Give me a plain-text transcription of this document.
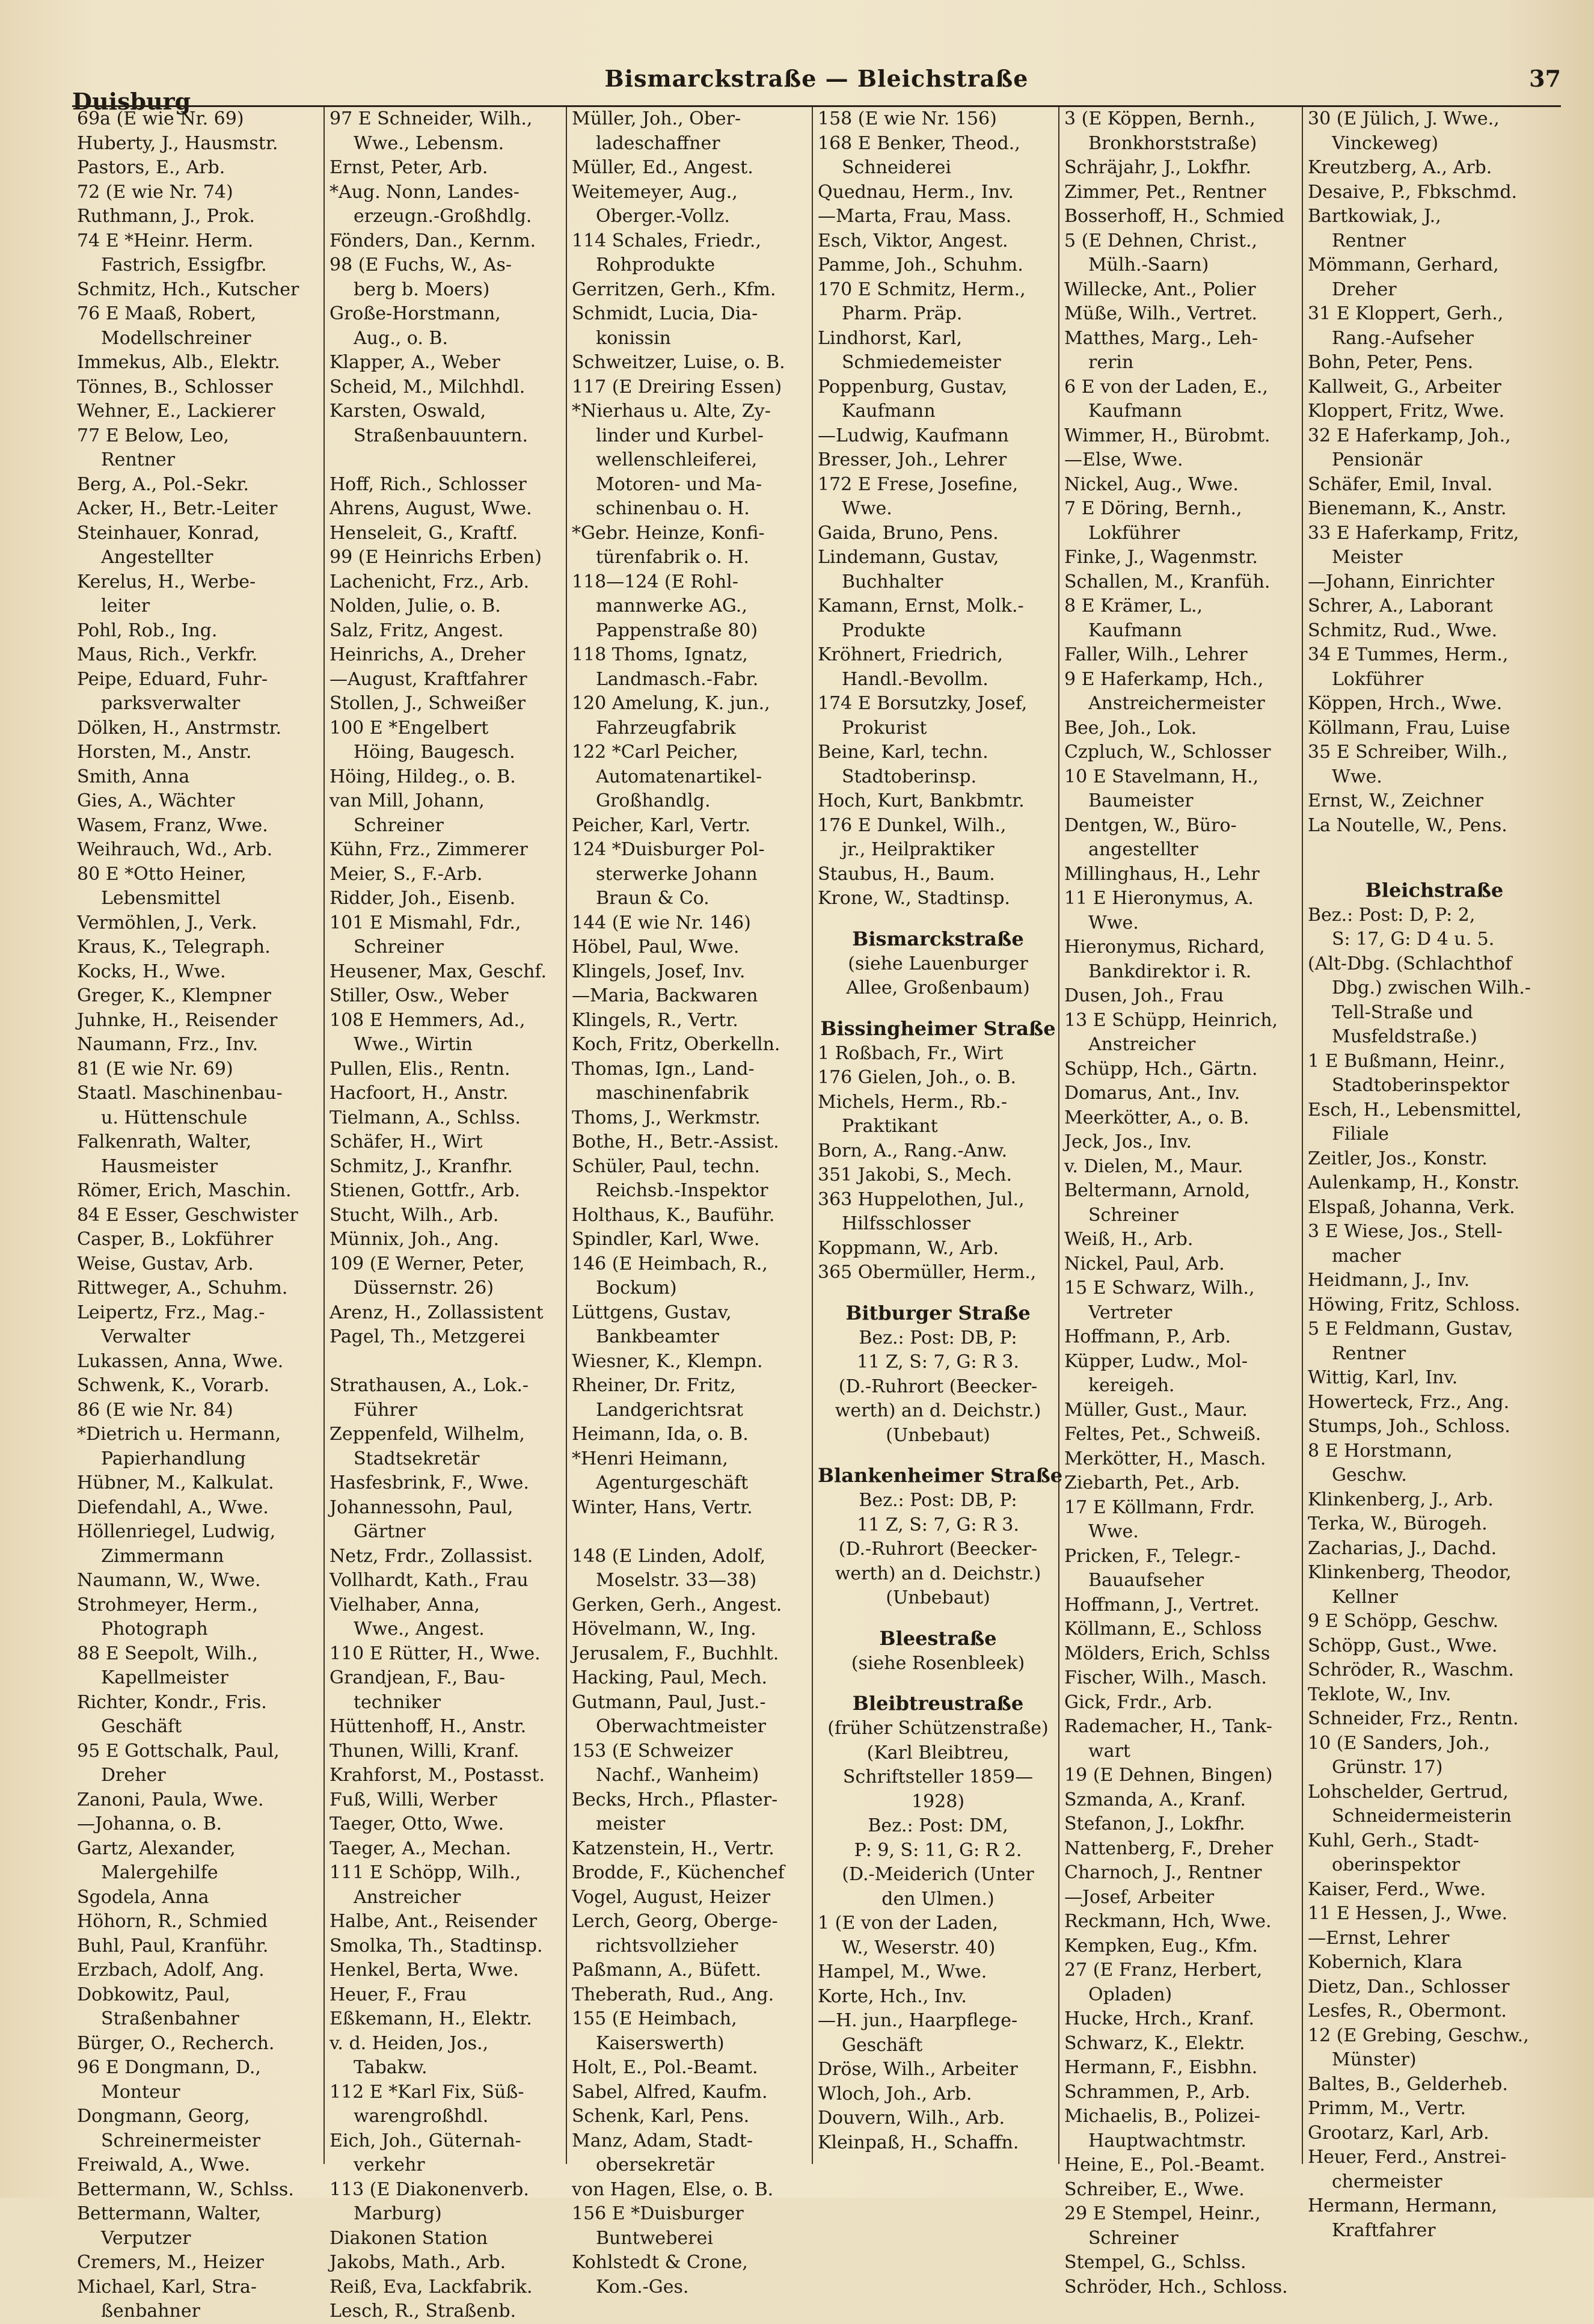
Duisburg
Bismarckstraße — Bleichstraße	37
69a (E wie Nr. 69)
Huberty, J., Hausmstr.
Pastors, E., Arb.
72 (E wie Nr. 74)
Ruthmann, J., Prok.
74 E *Heinr. Herm.
Fastrich, Essigfbr.
Schmitz, Hch., Kutscher
76 E Maaß, Robert,
Modellschreiner
Immekus, Alb., Elektr.
Tönnes, B., Schlosser
Wehner, E., Lackierer
77 E Below, Leo,
Rentner
Berg, A., Pol.-Sekr.
Acker, H., Betr.-Leiter
Steinhauer, Konrad,
Angestellter
Kerelus, H., Werbe-
leiter
Pohl, Rob., Ing.
Maus, Rich., Verkfr.
Peipe, Eduard, Fuhr-
parksverwalter
Dölken, H., Anstrmstr.
Horsten, M., Anstr.
Smith, Anna
Gies, A., Wächter
Wasem, Franz, Wwe.
Weihrauch, Wd., Arb.
80 E *Otto Heiner,
Lebensmittel
Vermöhlen, J., Verk.
Kraus, K., Telegraph.
Kocks, H., Wwe.
Greger, K., Klempner
Juhnke, H., Reisender
Naumann, Frz., Inv.
81 (E wie Nr. 69)
Staatl. Maschinenbau-
u. Hüttenschule
Falkenrath, Walter,
Hausmeister
Römer, Erich, Maschin.
84 E Esser, Geschwister
Casper, B., Lokführer
Weise, Gustav, Arb.
Rittweger, A., Schuhm.
Leipertz, Frz., Mag.-
Verwalter
Lukassen, Anna, Wwe.
Schwenk, K., Vorarb.
86 (E wie Nr. 84)
*Dietrich u. Hermann,
Papierhandlung
Hübner, M., Kalkulat.
Diefendahl, A., Wwe.
Höllenriegel, Ludwig,
Zimmermann
Naumann, W., Wwe.
Strohmeyer, Herm.,
Photograph
88 E Seepolt, Wilh.,
Kapellmeister
Richter, Kondr., Fris.
Geschäft
95 E Gottschalk, Paul,
Dreher
Zanoni, Paula, Wwe.
—Johanna, o. B.
Gartz, Alexander,
Malergehilfe
Sgodela, Anna
Höhorn, R., Schmied
Buhl, Paul, Kranführ.
Erzbach, Adolf, Ang.
Dobkowitz, Paul,
Straßenbahner
Bürger, O., Recherch.
96 E Dongmann, D.,
Monteur
Dongmann, Georg,
Schreinermeister
Freiwald, A., Wwe.
Bettermann, W., Schlss.
Bettermann, Walter,
Verputzer
Cremers, M., Heizer
Michael, Karl, Stra-
ßenbahner
97 E Schneider, Wilh.,
Wwe., Lebensm.
Ernst, Peter, Arb.
*Aug. Nonn, Landes-
erzeugn.-Großhdlg.
Fönders, Dan., Kernm.
98 (E Fuchs, W., As-
berg b. Moers)
Große-Horstmann,
Aug., o. B.
Klapper, A., Weber
Scheid, M., Milchhdl.
Karsten, Oswald,
Straßenbauuntern.

Hoff, Rich., Schlosser
Ahrens, August, Wwe.
Henseleit, G., Kraftf.
99 (E Heinrichs Erben)
Lachenicht, Frz., Arb.
Nolden, Julie, o. B.
Salz, Fritz, Angest.
Heinrichs, A., Dreher
—August, Kraftfahrer
Stollen, J., Schweißer
100 E *Engelbert
Höing, Baugesch.
Höing, Hildeg., o. B.
van Mill, Johann,
Schreiner
Kühn, Frz., Zimmerer
Meier, S., F.-Arb.
Ridder, Joh., Eisenb.
101 E Mismahl, Fdr.,
Schreiner
Heusener, Max, Geschf.
Stiller, Osw., Weber
108 E Hemmers, Ad.,
Wwe., Wirtin
Pullen, Elis., Rentn.
Hacfoort, H., Anstr.
Tielmann, A., Schlss.
Schäfer, H., Wirt
Schmitz, J., Kranfhr.
Stienen, Gottfr., Arb.
Stucht, Wilh., Arb.
Münnix, Joh., Ang.
109 (E Werner, Peter,
Düssernstr. 26)
Arenz, H., Zollassistent
Pagel, Th., Metzgerei

Strathausen, A., Lok.-
Führer
Zeppenfeld, Wilhelm,
Stadtsekretär
Hasfesbrink, F., Wwe.
Johannessohn, Paul,
Gärtner
Netz, Frdr., Zollassist.
Vollhardt, Kath., Frau
Vielhaber, Anna,
Wwe., Angest.
110 E Rütter, H., Wwe.
Grandjean, F., Bau-
techniker
Hüttenhoff, H., Anstr.
Thunen, Willi, Kranf.
Krahforst, M., Postasst.
Fuß, Willi, Werber
Taeger, Otto, Wwe.
Taeger, A., Mechan.
111 E Schöpp, Wilh.,
Anstreicher
Halbe, Ant., Reisender
Smolka, Th., Stadtinsp.
Henkel, Berta, Wwe.
Heuer, F., Frau
Eßkemann, H., Elektr.
v. d. Heiden, Jos.,
Tabakw.
112 E *Karl Fix, Süß-
warengroßhdl.
Eich, Joh., Güternah-
verkehr
113 (E Diakonenverb.
Marburg)
Diakonen Station
Jakobs, Math., Arb.
Reiß, Eva, Lackfabrik.
Lesch, R., Straßenb.
Müller, Joh., Ober-
ladeschaffner
Müller, Ed., Angest.
Weitemeyer, Aug.,
Oberger.-Vollz.
114 Schales, Friedr.,
Rohprodukte
Gerritzen, Gerh., Kfm.
Schmidt, Lucia, Dia-
konissin
Schweitzer, Luise, o. B.
117 (E Dreiring Essen)
*Nierhaus u. Alte, Zy-
linder und Kurbel-
wellenschleiferei,
Motoren- und Ma-
schinenbau o. H.
*Gebr. Heinze, Konfi-
türenfabrik o. H.
118—124 (E Rohl-
mannwerke AG.,
Pappenstraße 80)
118 Thoms, Ignatz,
Landmasch.-Fabr.
120 Amelung, K. jun.,
Fahrzeugfabrik
122 *Carl Peicher,
Automatenartikel-
Großhandlg.
Peicher, Karl, Vertr.
124 *Duisburger Pol-
sterwerke Johann
Braun & Co.
144 (E wie Nr. 146)
Höbel, Paul, Wwe.
Klingels, Josef, Inv.
—Maria, Backwaren
Klingels, R., Vertr.
Koch, Fritz, Oberkelln.
Thomas, Ign., Land-
maschinenfabrik
Thoms, J., Werkmstr.
Bothe, H., Betr.-Assist.
Schüler, Paul, techn.
Reichsb.-Inspektor
Holthaus, K., Bauführ.
Spindler, Karl, Wwe.
146 (E Heimbach, R.,
Bockum)
Lüttgens, Gustav,
Bankbeamter
Wiesner, K., Klempn.
Rheiner, Dr. Fritz,
Landgerichtsrat
Heimann, Ida, o. B.
*Henri Heimann,
Agenturgeschäft
Winter, Hans, Vertr.

148 (E Linden, Adolf,
Moselstr. 33—38)
Gerken, Gerh., Angest.
Hövelmann, W., Ing.
Jerusalem, F., Buchhlt.
Hacking, Paul, Mech.
Gutmann, Paul, Just.-
Oberwachtmeister
153 (E Schweizer
Nachf., Wanheim)
Becks, Hrch., Pflaster-
meister
Katzenstein, H., Vertr.
Brodde, F., Küchenchef
Vogel, August, Heizer
Lerch, Georg, Oberge-
richtsvollzieher
Paßmann, A., Büfett.
Theberath, Rud., Ang.
155 (E Heimbach,
Kaiserswerth)
Holt, E., Pol.-Beamt.
Sabel, Alfred, Kaufm.
Schenk, Karl, Pens.
Manz, Adam, Stadt-
obersekretär
von Hagen, Else, o. B.
156 E *Duisburger
Buntweberei
Kohlstedt & Crone,
Kom.-Ges.
158 (E wie Nr. 156)
168 E Benker, Theod.,
Schneiderei
Quednau, Herm., Inv.
—Marta, Frau, Mass.
Esch, Viktor, Angest.
Pamme, Joh., Schuhm.
170 E Schmitz, Herm.,
Pharm. Präp.
Lindhorst, Karl,
Schmiedemeister
Poppenburg, Gustav,
Kaufmann
—Ludwig, Kaufmann
Bresser, Joh., Lehrer
172 E Frese, Josefine,
Wwe.
Gaida, Bruno, Pens.
Lindemann, Gustav,
Buchhalter
Kamann, Ernst, Molk.-
Produkte
Kröhnert, Friedrich,
Handl.-Bevollm.
174 E Borsutzky, Josef,
Prokurist
Beine, Karl, techn.
Stadtoberinsp.
Hoch, Kurt, Bankbmtr.
176 E Dunkel, Wilh.,
jr., Heilpraktiker
Staubus, H., Baum.
Krone, W., Stadtinsp.
Bismarckstraße
(siehe Lauenburger
Allee, Großenbaum)
Bissingheimer Straße
1 Roßbach, Fr., Wirt
176 Gielen, Joh., o. B.
Michels, Herm., Rb.-
Praktikant
Born, A., Rang.-Anw.
351 Jakobi, S., Mech.
363 Huppelothen, Jul.,
Hilfsschlosser
Koppmann, W., Arb.
365 Obermüller, Herm.,
Bitburger Straße
Bez.: Post: DB, P:
11 Z, S: 7, G: R 3.
(D.-Ruhrort (Beecker-
werth) an d. Deichstr.)
(Unbebaut)
Blankenheimer Straße
Bez.: Post: DB, P:
11 Z, S: 7, G: R 3.
(D.-Ruhrort (Beecker-
werth) an d. Deichstr.)
(Unbebaut)
Bleestraße
(siehe Rosenbleek)
Bleibtreustraße
(früher Schützenstraße)
(Karl Bleibtreu,
Schriftsteller 1859—
1928)
Bez.: Post: DM,
P: 9, S: 11, G: R 2.
(D.-Meiderich (Unter
den Ulmen.)
1 (E von der Laden,
W., Weserstr. 40)
Hampel, M., Wwe.
Korte, Hch., Inv.
—H. jun., Haarpflege-
Geschäft
Dröse, Wilh., Arbeiter
Wloch, Joh., Arb.
Douvern, Wilh., Arb.
Kleinpaß, H., Schaffn.
3 (E Köppen, Bernh.,
Bronkhorststraße)
Schräjahr, J., Lokfhr.
Zimmer, Pet., Rentner
Bosserhoff, H., Schmied
5 (E Dehnen, Christ.,
Mülh.-Saarn)
Willecke, Ant., Polier
Müße, Wilh., Vertret.
Matthes, Marg., Leh-
rerin
6 E von der Laden, E.,
Kaufmann
Wimmer, H., Bürobmt.
—Else, Wwe.
Nickel, Aug., Wwe.
7 E Döring, Bernh.,
Lokführer
Finke, J., Wagenmstr.
Schallen, M., Kranfüh.
8 E Krämer, L.,
Kaufmann
Faller, Wilh., Lehrer
9 E Haferkamp, Hch.,
Anstreichermeister
Bee, Joh., Lok.
Czpluch, W., Schlosser
10 E Stavelmann, H.,
Baumeister
Dentgen, W., Büro-
angestellter
Millinghaus, H., Lehr
11 E Hieronymus, A.
Wwe.
Hieronymus, Richard,
Bankdirektor i. R.
Dusen, Joh., Frau
13 E Schüpp, Heinrich,
Anstreicher
Schüpp, Hch., Gärtn.
Domarus, Ant., Inv.
Meerkötter, A., o. B.
Jeck, Jos., Inv.
v. Dielen, M., Maur.
Beltermann, Arnold,
Schreiner
Weiß, H., Arb.
Nickel, Paul, Arb.
15 E Schwarz, Wilh.,
Vertreter
Hoffmann, P., Arb.
Küpper, Ludw., Mol-
kereigeh.
Müller, Gust., Maur.
Feltes, Pet., Schweiß.
Merkötter, H., Masch.
Ziebarth, Pet., Arb.
17 E Köllmann, Frdr.
Wwe.
Pricken, F., Telegr.-
Bauaufseher
Hoffmann, J., Vertret.
Köllmann, E., Schloss
Mölders, Erich, Schlss
Fischer, Wilh., Masch.
Gick, Frdr., Arb.
Rademacher, H., Tank-
wart
19 (E Dehnen, Bingen)
Szmanda, A., Kranf.
Stefanon, J., Lokfhr.
Nattenberg, F., Dreher
Charnoch, J., Rentner
—Josef, Arbeiter
Reckmann, Hch, Wwe.
Kempken, Eug., Kfm.
27 (E Franz, Herbert,
Opladen)
Hucke, Hrch., Kranf.
Schwarz, K., Elektr.
Hermann, F., Eisbhn.
Schrammen, P., Arb.
Michaelis, B., Polizei-
Hauptwachtmstr.
Heine, E., Pol.-Beamt.
Schreiber, E., Wwe.
29 E Stempel, Heinr.,
Schreiner
Stempel, G., Schlss.
Schröder, Hch., Schloss.
30 (E Jülich, J. Wwe.,
Vinckeweg)
Kreutzberg, A., Arb.
Desaive, P., Fbkschmd.
Bartkowiak, J.,
Rentner
Mömmann, Gerhard,
Dreher
31 E Kloppert, Gerh.,
Rang.-Aufseher
Bohn, Peter, Pens.
Kallweit, G., Arbeiter
Kloppert, Fritz, Wwe.
32 E Haferkamp, Joh.,
Pensionär
Schäfer, Emil, Inval.
Bienemann, K., Anstr.
33 E Haferkamp, Fritz,
Meister
—Johann, Einrichter
Schrer, A., Laborant
Schmitz, Rud., Wwe.
34 E Tummes, Herm.,
Lokführer
Köppen, Hrch., Wwe.
Köllmann, Frau, Luise
35 E Schreiber, Wilh.,
Wwe.
Ernst, W., Zeichner
La Noutelle, W., Pens.

Bleichstraße
Bez.: Post: D, P: 2,
S: 17, G: D 4 u. 5.
(Alt-Dbg. (Schlachthof
Dbg.) zwischen Wilh.-
Tell-Straße und
Musfeldstraße.)
1 E Bußmann, Heinr.,
Stadtoberinspektor
Esch, H., Lebensmittel,
Filiale
Zeitler, Jos., Konstr.
Aulenkamp, H., Konstr.
Elspaß, Johanna, Verk.
3 E Wiese, Jos., Stell-
macher
Heidmann, J., Inv.
Höwing, Fritz, Schloss.
5 E Feldmann, Gustav,
Rentner
Wittig, Karl, Inv.
Howerteck, Frz., Ang.
Stumps, Joh., Schloss.
8 E Horstmann,
Geschw.
Klinkenberg, J., Arb.
Terka, W., Bürogeh.
Zacharias, J., Dachd.
Klinkenberg, Theodor,
Kellner
9 E Schöpp, Geschw.
Schöpp, Gust., Wwe.
Schröder, R., Waschm.
Teklote, W., Inv.
Schneider, Frz., Rentn.
10 (E Sanders, Joh.,
Grünstr. 17)
Lohschelder, Gertrud,
Schneidermeisterin
Kuhl, Gerh., Stadt-
oberinspektor
Kaiser, Ferd., Wwe.
11 E Hessen, J., Wwe.
—Ernst, Lehrer
Kobernich, Klara
Dietz, Dan., Schlosser
Lesfes, R., Obermont.
12 (E Grebing, Geschw.,
Münster)
Baltes, B., Gelderheb.
Primm, M., Vertr.
Grootarz, Karl, Arb.
Heuer, Ferd., Anstrei-
chermeister
Hermann, Hermann,
Kraftfahrer
